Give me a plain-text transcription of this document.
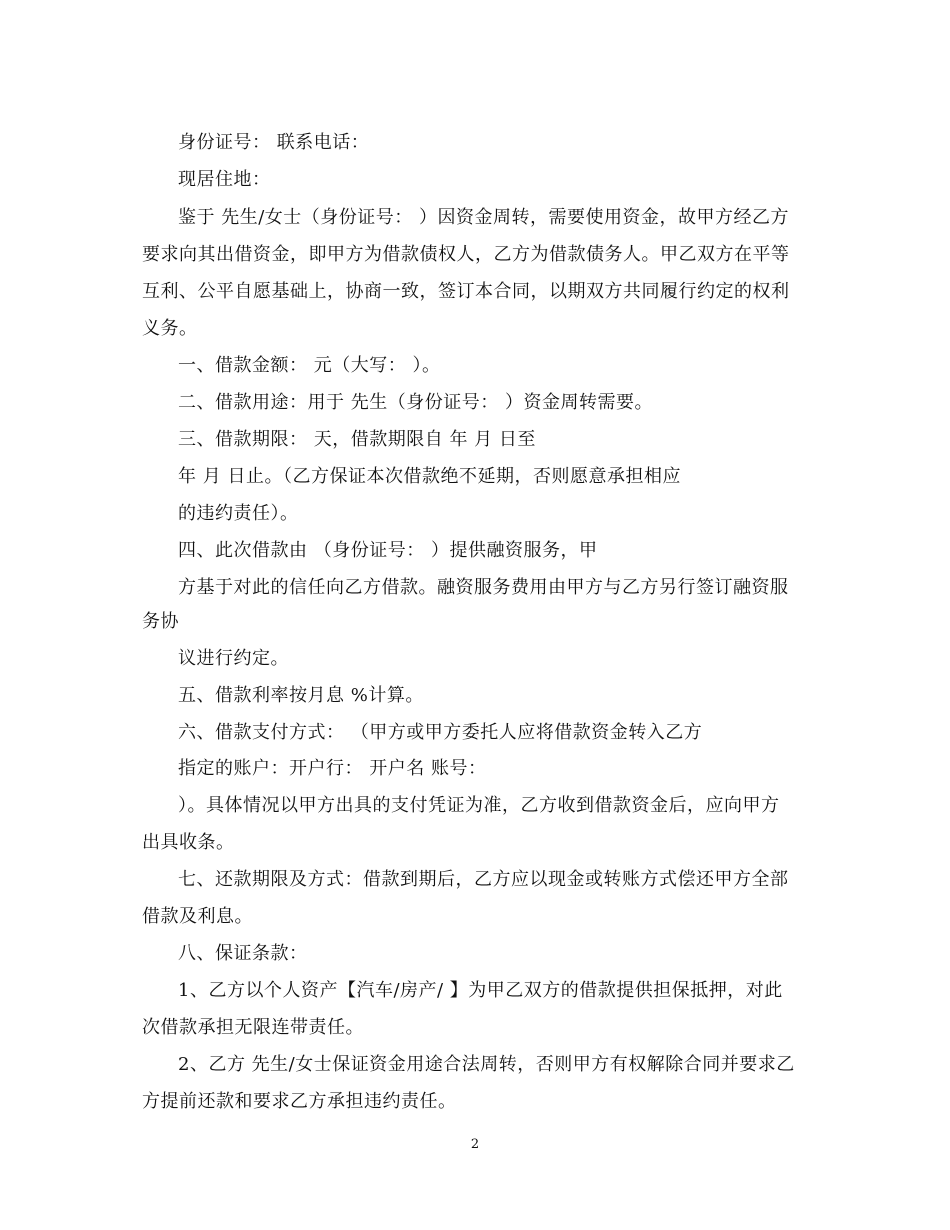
身份证号： 联系电话：
现居住地：
鉴于 先生/女士（身份证号： ）因资金周转，需要使用资金，故甲方经乙方
要求向其出借资金，即甲方为借款债权人，乙方为借款债务人。甲乙双方在平等
互利、公平自愿基础上，协商一致，签订本合同，以期双方共同履行约定的权利
义务。
一、借款金额： 元（大写： ）。
二、借款用途：用于 先生（身份证号： ）资金周转需要。
三、借款期限： 天，借款期限自 年 月 日至
年 月 日止。（乙方保证本次借款绝不延期，否则愿意承担相应
的违约责任）。
四、此次借款由 （身份证号： ）提供融资服务，甲
方基于对此的信任向乙方借款。融资服务费用由甲方与乙方另行签订融资服
务协
议进行约定。
五、借款利率按月息 %计算。
六、借款支付方式： （甲方或甲方委托人应将借款资金转入乙方
指定的账户：开户行： 开户名 账号：
）。具体情况以甲方出具的支付凭证为准，乙方收到借款资金后，应向甲方
出具收条。
七、还款期限及方式：借款到期后，乙方应以现金或转账方式偿还甲方全部
借款及利息。
八、保证条款：
1、乙方以个人资产【汽车/房产/ 】为甲乙双方的借款提供担保抵押，对此
次借款承担无限连带责任。
2、乙方 先生/女士保证资金用途合法周转，否则甲方有权解除合同并要求乙
方提前还款和要求乙方承担违约责任。
2
